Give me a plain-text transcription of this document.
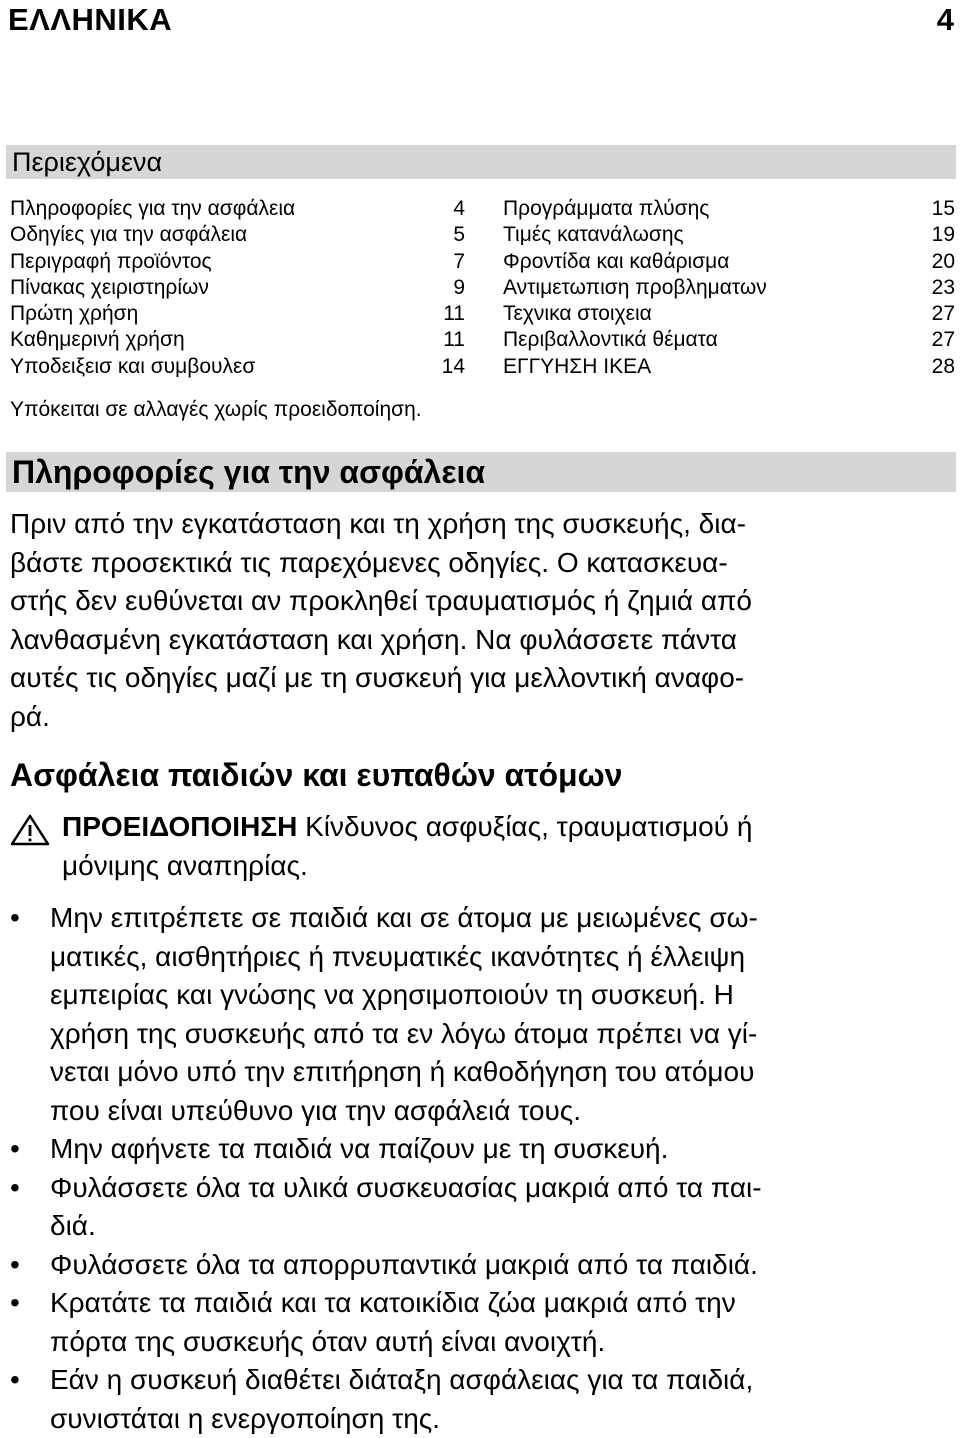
ΕΛΛΗΝΙΚΑ	4
Περιεχόμενα
Πληροφορίες για την ασφάλεια	4
Οδηγίες για την ασφάλεια	5
Περιγραφή προϊόντος	7
Πίνακας χειριστηρίων	9
Πρώτη χρήση	11
Καθημερινή χρήση	11
Υποδειξεισ και συμβουλεσ	14
Προγράμματα πλύσης	15
Τιμές κατανάλωσης	19
Φροντίδα και καθάρισμα	20
Αντιμετωπιση προβληματων	23
Τεχνικα στοιχεια	27
Περιβαλλοντικά θέματα	27
ΕΓΓΥΗΣΗ IKEA	28
Υπόκειται σε αλλαγές χωρίς προειδοποίηση.
Πληροφορίες για την ασφάλεια
Πριν από την εγκατάσταση και τη χρήση της συσκευής, δια-
βάστε προσεκτικά τις παρεχόμενες οδηγίες. Ο κατασκευα-
στής δεν ευθύνεται αν προκληθεί τραυματισμός ή ζημιά από
λανθασμένη εγκατάσταση και χρήση. Να φυλάσσετε πάντα
αυτές τις οδηγίες μαζί με τη συσκευή για μελλοντική αναφο-
ρά.
Ασφάλεια παιδιών και ευπαθών ατόμων
ΠΡΟΕΙΔΟΠΟΙΗΣΗ Κίνδυνος ασφυξίας, τραυματισμού ή
μόνιμης αναπηρίας.
• Μην επιτρέπετε σε παιδιά και σε άτομα με μειωμένες σω-
ματικές, αισθητήριες ή πνευματικές ικανότητες ή έλλειψη
εμπειρίας και γνώσης να χρησιμοποιούν τη συσκευή. Η
χρήση της συσκευής από τα εν λόγω άτομα πρέπει να γί-
νεται μόνο υπό την επιτήρηση ή καθοδήγηση του ατόμου
που είναι υπεύθυνο για την ασφάλειά τους.
• Μην αφήνετε τα παιδιά να παίζουν με τη συσκευή.
• Φυλάσσετε όλα τα υλικά συσκευασίας μακριά από τα παι-
διά.
• Φυλάσσετε όλα τα απορρυπαντικά μακριά από τα παιδιά.
• Κρατάτε τα παιδιά και τα κατοικίδια ζώα μακριά από την
πόρτα της συσκευής όταν αυτή είναι ανοιχτή.
• Εάν η συσκευή διαθέτει διάταξη ασφάλειας για τα παιδιά,
συνιστάται η ενεργοποίηση της.
